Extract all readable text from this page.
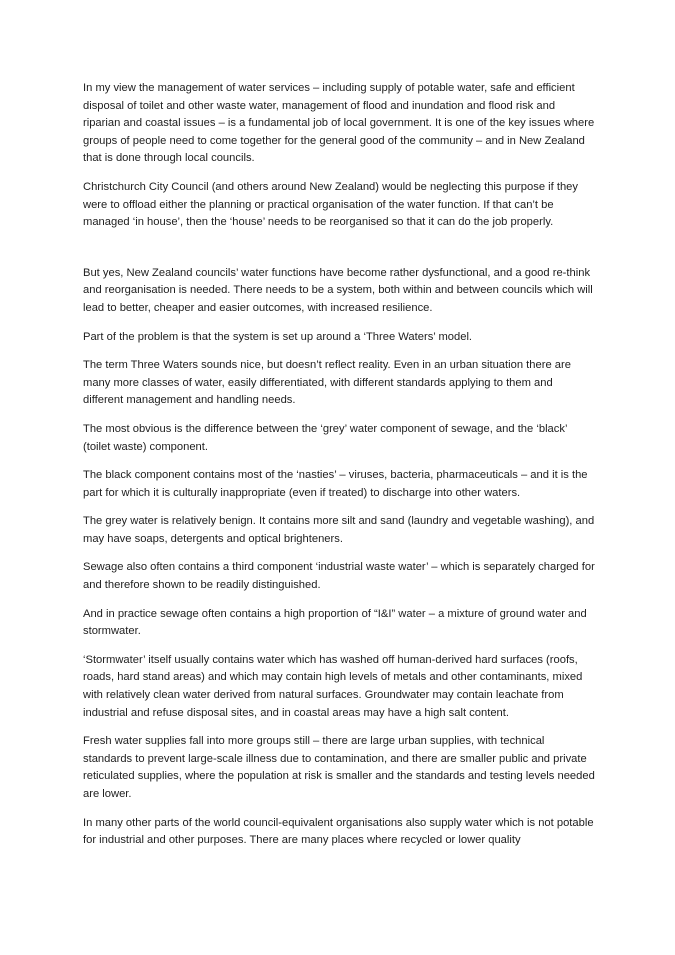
In my view the management of water services – including supply of potable water, safe and efficient disposal of toilet and other waste water, management of flood and inundation and flood risk and riparian and coastal issues – is a fundamental job of local government. It is one of the key issues where groups of people need to come together for the general good of the community – and in New Zealand that is done through local councils.

Christchurch City Council (and others around New Zealand) would be neglecting this purpose if they were to offload either the planning or practical organisation of the water function. If that can’t be managed ‘in house’, then the ‘house’ needs to be reorganised so that it can do the job properly.

But yes, New Zealand councils’ water functions have become rather dysfunctional, and a good re-think and reorganisation is needed. There needs to be a system, both within and between councils which will lead to better, cheaper and easier outcomes, with increased resilience.

Part of the problem is that the system is set up around a ‘Three Waters’ model.

The term Three Waters sounds nice, but doesn’t reflect reality. Even in an urban situation there are many more classes of water, easily differentiated, with different standards applying to them and different management and handling needs.

The most obvious is the difference between the ‘grey’ water component of sewage, and the ‘black’ (toilet waste) component.

The black component contains most of the ‘nasties’ – viruses, bacteria, pharmaceuticals – and it is the part for which it is culturally inappropriate (even if treated) to discharge into other waters.

The grey water is relatively benign. It contains more silt and sand (laundry and vegetable washing), and may have soaps, detergents and optical brighteners.

Sewage also often contains a third component ‘industrial waste water’ – which is separately charged for and therefore shown to be readily distinguished.

And in practice sewage often contains a high proportion of “I&I” water – a mixture of ground water and stormwater.

‘Stormwater’ itself usually contains water which has washed off human-derived hard surfaces (roofs, roads, hard stand areas) and which may contain high levels of metals and other contaminants, mixed with relatively clean water derived from natural surfaces. Groundwater may contain leachate from industrial and refuse disposal sites, and in coastal areas may have a high salt content.

Fresh water supplies fall into more groups still – there are large urban supplies, with technical standards to prevent large-scale illness due to contamination, and there are smaller public and private reticulated supplies, where the population at risk is smaller and the standards and testing levels needed are lower.

In many other parts of the world council-equivalent organisations also supply water which is not potable for industrial and other purposes. There are many places where recycled or lower quality
